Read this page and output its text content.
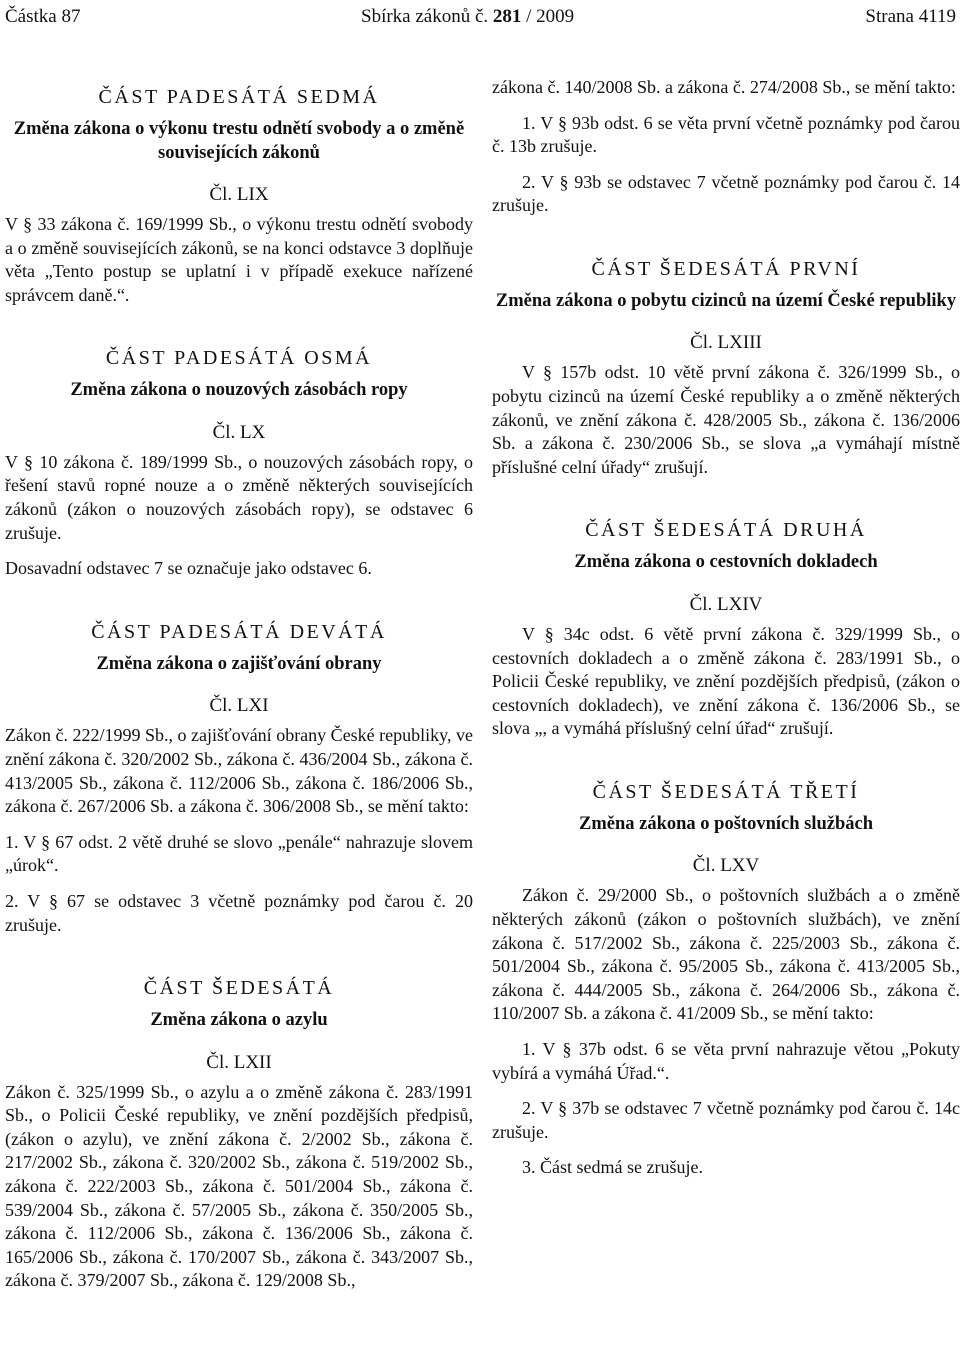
Částka 87	Sbírka zákonů č. 281 / 2009	Strana 4119
ČÁST PADESÁTÁ SEDMÁ
Změna zákona o výkonu trestu odnětí svobody a o změně souvisejících zákonů
Čl. LIX

V § 33 zákona č. 169/1999 Sb., o výkonu trestu odnětí svobody a o změně souvisejících zákonů, se na konci odstavce 3 doplňuje věta „Tento postup se uplatní i v případě exekuce nařízené správcem daně.“.

ČÁST PADESÁTÁ OSMÁ
Změna zákona o nouzových zásobách ropy
Čl. LX

V § 10 zákona č. 189/1999 Sb., o nouzových zásobách ropy, o řešení stavů ropné nouze a o změně některých souvisejících zákonů (zákon o nouzových zásobách ropy), se odstavec 6 zrušuje.

Dosavadní odstavec 7 se označuje jako odstavec 6.

ČÁST PADESÁTÁ DEVÁTÁ
Změna zákona o zajišťování obrany
Čl. LXI

Zákon č. 222/1999 Sb., o zajišťování obrany České republiky, ve znění zákona č. 320/2002 Sb., zákona č. 436/2004 Sb., zákona č. 413/2005 Sb., zákona č. 112/2006 Sb., zákona č. 186/2006 Sb., zákona č. 267/2006 Sb. a zákona č. 306/2008 Sb., se mění takto:

1. V § 67 odst. 2 větě druhé se slovo „penále“ nahrazuje slovem „úrok“.

2. V § 67 se odstavec 3 včetně poznámky pod čarou č. 20 zrušuje.

ČÁST ŠEDESÁTÁ
Změna zákona o azylu
Čl. LXII

Zákon č. 325/1999 Sb., o azylu a o změně zákona č. 283/1991 Sb., o Policii České republiky, ve znění pozdějších předpisů, (zákon o azylu), ve znění zákona č. 2/2002 Sb., zákona č. 217/2002 Sb., zákona č. 320/2002 Sb., zákona č. 519/2002 Sb., zákona č. 222/2003 Sb., zákona č. 501/2004 Sb., zákona č. 539/2004 Sb., zákona č. 57/2005 Sb., zákona č. 350/2005 Sb., zákona č. 112/2006 Sb., zákona č. 136/2006 Sb., zákona č. 165/2006 Sb., zákona č. 170/2007 Sb., zákona č. 343/2007 Sb., zákona č. 379/2007 Sb., zákona č. 129/2008 Sb.,

zákona č. 140/2008 Sb. a zákona č. 274/2008 Sb., se mění takto:

1. V § 93b odst. 6 se věta první včetně poznámky pod čarou č. 13b zrušuje.

2. V § 93b se odstavec 7 včetně poznámky pod čarou č. 14 zrušuje.

ČÁST ŠEDESÁTÁ PRVNÍ
Změna zákona o pobytu cizinců na území České republiky
Čl. LXIII

V § 157b odst. 10 větě první zákona č. 326/1999 Sb., o pobytu cizinců na území České republiky a o změně některých zákonů, ve znění zákona č. 428/2005 Sb., zákona č. 136/2006 Sb. a zákona č. 230/2006 Sb., se slova „a vymáhají místně příslušné celní úřady“ zrušují.

ČÁST ŠEDESÁTÁ DRUHÁ
Změna zákona o cestovních dokladech
Čl. LXIV

V § 34c odst. 6 větě první zákona č. 329/1999 Sb., o cestovních dokladech a o změně zákona č. 283/1991 Sb., o Policii České republiky, ve znění pozdějších předpisů, (zákon o cestovních dokladech), ve znění zákona č. 136/2006 Sb., se slova „, a vymáhá příslušný celní úřad“ zrušují.

ČÁST ŠEDESÁTÁ TŘETÍ
Změna zákona o poštovních službách
Čl. LXV

Zákon č. 29/2000 Sb., o poštovních službách a o změně některých zákonů (zákon o poštovních službách), ve znění zákona č. 517/2002 Sb., zákona č. 225/2003 Sb., zákona č. 501/2004 Sb., zákona č. 95/2005 Sb., zákona č. 413/2005 Sb., zákona č. 444/2005 Sb., zákona č. 264/2006 Sb., zákona č. 110/2007 Sb. a zákona č. 41/2009 Sb., se mění takto:

1. V § 37b odst. 6 se věta první nahrazuje větou „Pokuty vybírá a vymáhá Úřad.“.

2. V § 37b se odstavec 7 včetně poznámky pod čarou č. 14c zrušuje.

3. Část sedmá se zrušuje.
